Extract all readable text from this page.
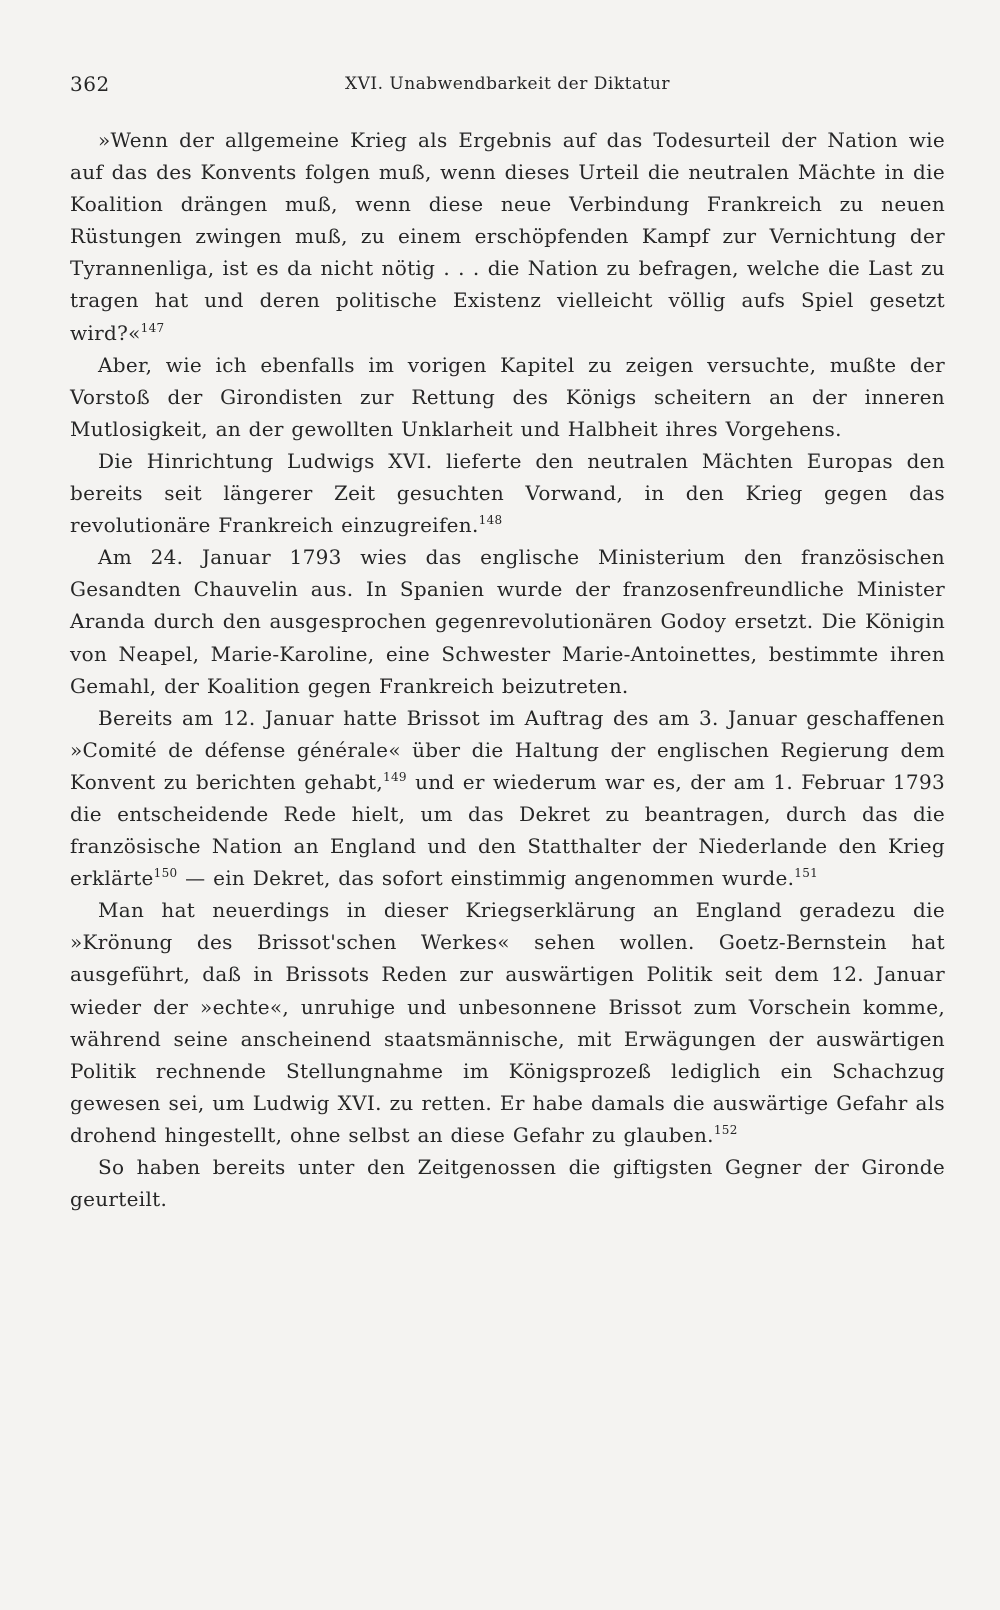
362	XVI. Unabwendbarkeit der Diktatur

»Wenn der allgemeine Krieg als Ergebnis auf das Todesurteil der Nation wie auf das des Konvents folgen muß, wenn dieses Urteil die neutralen Mächte in die Koalition drängen muß, wenn diese neue Verbindung Frankreich zu neuen Rüstungen zwingen muß, zu einem erschöpfenden Kampf zur Vernichtung der Tyrannenliga, ist es da nicht nötig . . . die Nation zu befragen, welche die Last zu tragen hat und deren politische Existenz vielleicht völlig aufs Spiel gesetzt wird?«$^{147}$

Aber, wie ich ebenfalls im vorigen Kapitel zu zeigen versuchte, mußte der Vorstoß der Girondisten zur Rettung des Königs scheitern an der inneren Mutlosigkeit, an der gewollten Unklarheit und Halbheit ihres Vorgehens.

Die Hinrichtung Ludwigs XVI. lieferte den neutralen Mächten Europas den bereits seit längerer Zeit gesuchten Vorwand, in den Krieg gegen das revolutionäre Frankreich einzugreifen.$^{148}$

Am 24. Januar 1793 wies das englische Ministerium den französischen Gesandten Chauvelin aus. In Spanien wurde der franzosenfreundliche Minister Aranda durch den ausgesprochen gegenrevolutionären Godoy ersetzt. Die Königin von Neapel, Marie-Karoline, eine Schwester Marie-Antoinettes, bestimmte ihren Gemahl, der Koalition gegen Frankreich beizutreten.

Bereits am 12. Januar hatte Brissot im Auftrag des am 3. Januar geschaffenen »Comité de défense générale« über die Haltung der englischen Regierung dem Konvent zu berichten gehabt,$^{149}$ und er wiederum war es, der am 1. Februar 1793 die entscheidende Rede hielt, um das Dekret zu beantragen, durch das die französische Nation an England und den Statthalter der Niederlande den Krieg erklärte$^{150}$ — ein Dekret, das sofort einstimmig angenommen wurde.$^{151}$

Man hat neuerdings in dieser Kriegserklärung an England geradezu die »Krönung des Brissot'schen Werkes« sehen wollen. Goetz-Bernstein hat ausgeführt, daß in Brissots Reden zur auswärtigen Politik seit dem 12. Januar wieder der »echte«, unruhige und unbesonnene Brissot zum Vorschein komme, während seine anscheinend staatsmännische, mit Erwägungen der auswärtigen Politik rechnende Stellungnahme im Königsprozeß lediglich ein Schachzug gewesen sei, um Ludwig XVI. zu retten. Er habe damals die auswärtige Gefahr als drohend hingestellt, ohne selbst an diese Gefahr zu glauben.$^{152}$

So haben bereits unter den Zeitgenossen die giftigsten Gegner der Gironde geurteilt.
